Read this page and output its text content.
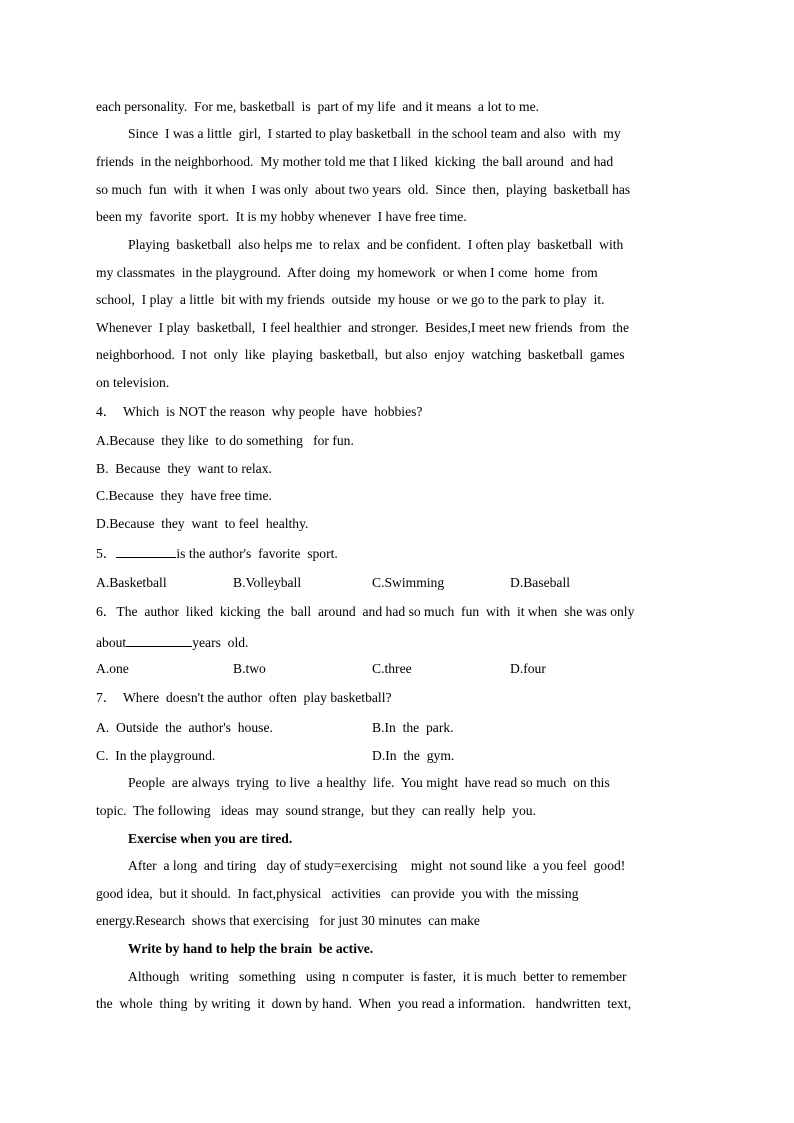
each personality.  For me, basketball  is  part of my life  and it means  a lot to me.
Since  I was a little  girl,  I started to play basketball  in the school team and also  with  my
friends  in the neighborhood.  My mother told me that I liked  kicking  the ball around  and had
so much  fun  with  it when  I was only  about two years  old.  Since  then,  playing  basketball has
been my  favorite  sport.  It is my hobby whenever  I have free time.
Playing  basketball  also helps me  to relax  and be confident.  I often play  basketball  with
my classmates  in the playground.  After doing  my homework  or when I come  home  from
school,  I play  a little  bit with my friends  outside  my house  or we go to the park to play  it.
Whenever  I play  basketball,  I feel healthier  and stronger.  Besides,I meet new friends  from  the
neighborhood.  I not  only  like  playing  basketball,  but also  enjoy  watching  basketball  games
on television.
4．  Which  is NOT the reason  why people  have  hobbies?
A.Because  they like  to do something   for fun.
B.  Because  they  want to relax.
C.Because  they  have free time.
D.Because  they  want  to feel  healthy.
5．	is the author's  favorite  sport.
A.Basketball	B.Volleyball	C.Swimming	D.Baseball
6．The  author  liked  kicking  the  ball  around  and had so much  fun  with  it when  she was only
about	years  old.
A.one	B.two	C.three	D.four
7．  Where  doesn't the author  often  play basketball?
A.  Outside  the  author's  house.	B.In  the  park.
C.  In the playground.	D.In  the  gym.
People  are always  trying  to live  a healthy  life.  You might  have read so much  on this
topic.  The following   ideas  may  sound strange,  but they  can really  help  you.
Exercise when you are tired.
After  a long  and tiring   day of study=exercising    might  not sound like  a you feel  good!
good idea,  but it should.  In fact,physical   activities   can provide  you with  the missing
energy.Research  shows that exercising   for just 30 minutes  can make
Write by hand to help the brain  be active.
Although   writing   something   using  n computer  is faster,  it is much  better to remember
the  whole  thing  by writing  it  down by hand.  When  you read a information.   handwritten  text,
